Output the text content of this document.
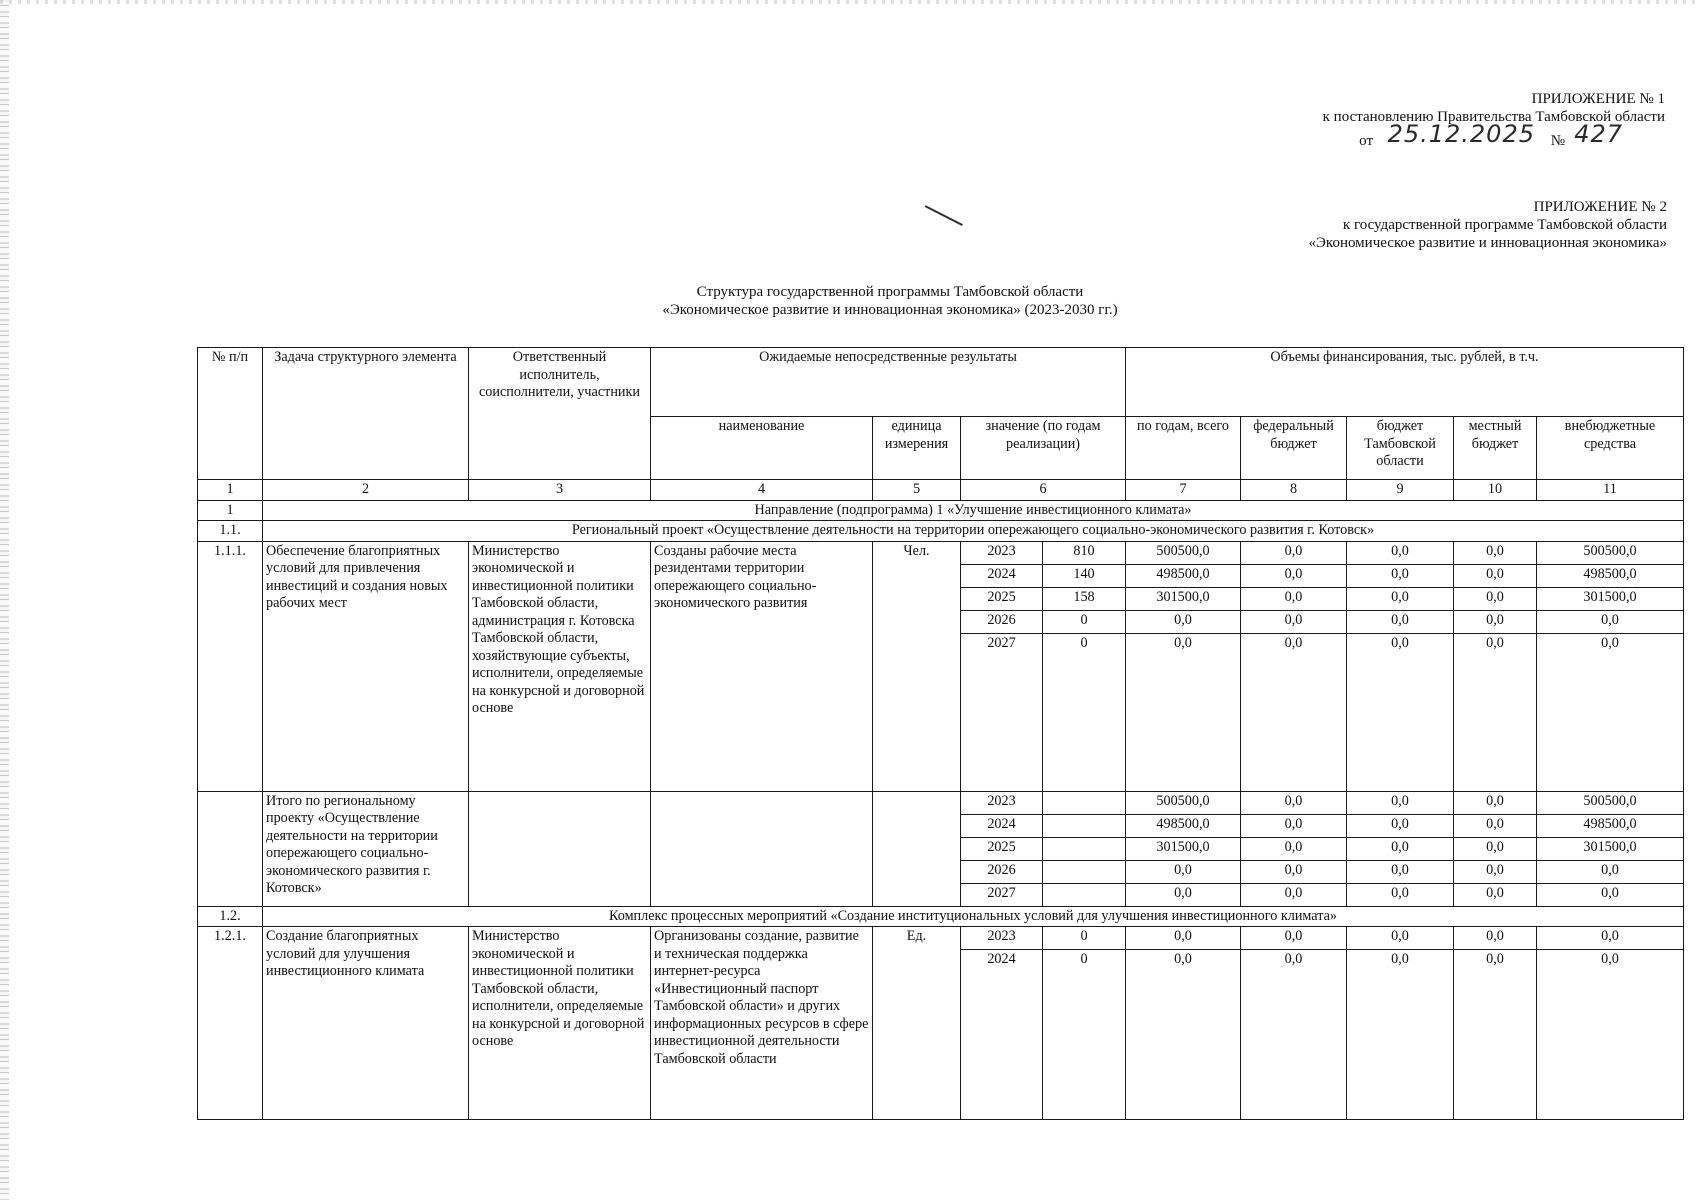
ПРИЛОЖЕНИЕ № 1
к постановлению Правительства Тамбовской области
от 25.12.2025 № 427
ПРИЛОЖЕНИЕ № 2
к государственной программе Тамбовской области
«Экономическое развитие и инновационная экономика»
Структура государственной программы Тамбовской области
«Экономическое развитие и инновационная экономика» (2023-2030 гг.)
№ п/п	Задача структурного элемента	Ответственный исполнитель, соисполнители, участники	Ожидаемые непосредственные результаты				Объемы финансирования, тыс. рублей, в т.ч.				
			наименование	единица измерения	значение (по годам реализации)		по годам, всего	федеральный бюджет	бюджет Тамбовской области	местный бюджет	внебюджетные средства
1	2	3	4	5	6		7	8	9	10	11
1	Направление (подпрограмма) 1 «Улучшение инвестиционного климата»										
1.1.	Региональный проект «Осуществление деятельности на территории опережающего социально-экономического развития г. Котовск»										
1.1.1.	Обеспечение благоприятных условий для привлечения инвестиций и создания новых рабочих мест	Министерство экономической и инвестиционной политики Тамбовской области, администрация г. Котовска Тамбовской области, хозяйствующие субъекты, исполнители, определяемые на конкурсной и договорной основе	Созданы рабочие места резидентами территории опережающего социально-экономического развития	Чел.	2023	810	500500,0	0,0	0,0	0,0	500500,0
					2024	140	498500,0	0,0	0,0	0,0	498500,0
					2025	158	301500,0	0,0	0,0	0,0	301500,0
					2026	0	0,0	0,0	0,0	0,0	0,0
					2027	0	0,0	0,0	0,0	0,0	0,0
	Итого по региональному проекту «Осуществление деятельности на территории опережающего социально-экономического развития г. Котовск»				2023		500500,0	0,0	0,0	0,0	500500,0
					2024		498500,0	0,0	0,0	0,0	498500,0
					2025		301500,0	0,0	0,0	0,0	301500,0
					2026		0,0	0,0	0,0	0,0	0,0
					2027		0,0	0,0	0,0	0,0	0,0
1.2.	Комплекс процессных мероприятий «Создание институциональных условий для улучшения инвестиционного климата»										
1.2.1.	Создание благоприятных условий для улучшения инвестиционного климата	Министерство экономической и инвестиционной политики Тамбовской области, исполнители, определяемые на конкурсной и договорной основе	Организованы создание, развитие и техническая поддержка интернет-ресурса «Инвестиционный паспорт Тамбовской области» и других информационных ресурсов в сфере инвестиционной деятельности Тамбовской области	Ед.	2023	0	0,0	0,0	0,0	0,0	0,0
					2024	0	0,0	0,0	0,0	0,0	0,0
